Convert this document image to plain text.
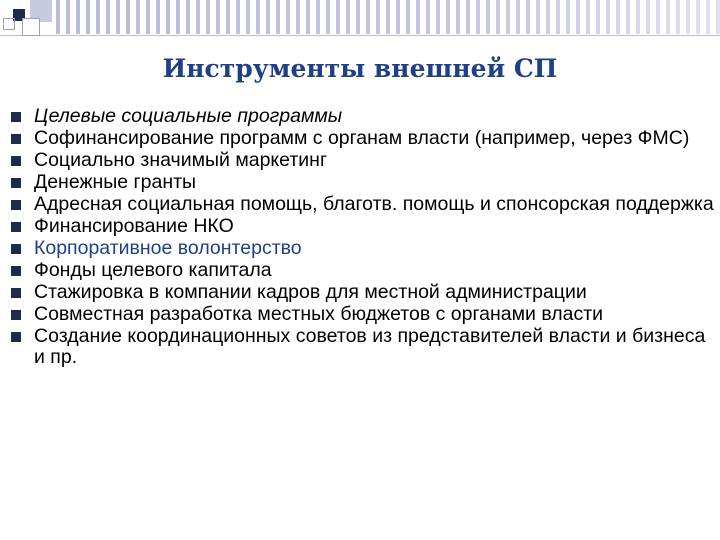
Инструменты внешней СП
Целевые социальные программы
Софинансирование программ с органам власти (например, через ФМС)
Социально значимый маркетинг
Денежные гранты
Адресная социальная помощь, благотв. помощь и спонсорская поддержка
Финансирование НКО
Корпоративное волонтерство
Фонды целевого капитала
Стажировка в компании кадров для местной администрации
Совместная разработка местных бюджетов с органами власти
Создание координационных советов из представителей власти и бизнеса и пр.
